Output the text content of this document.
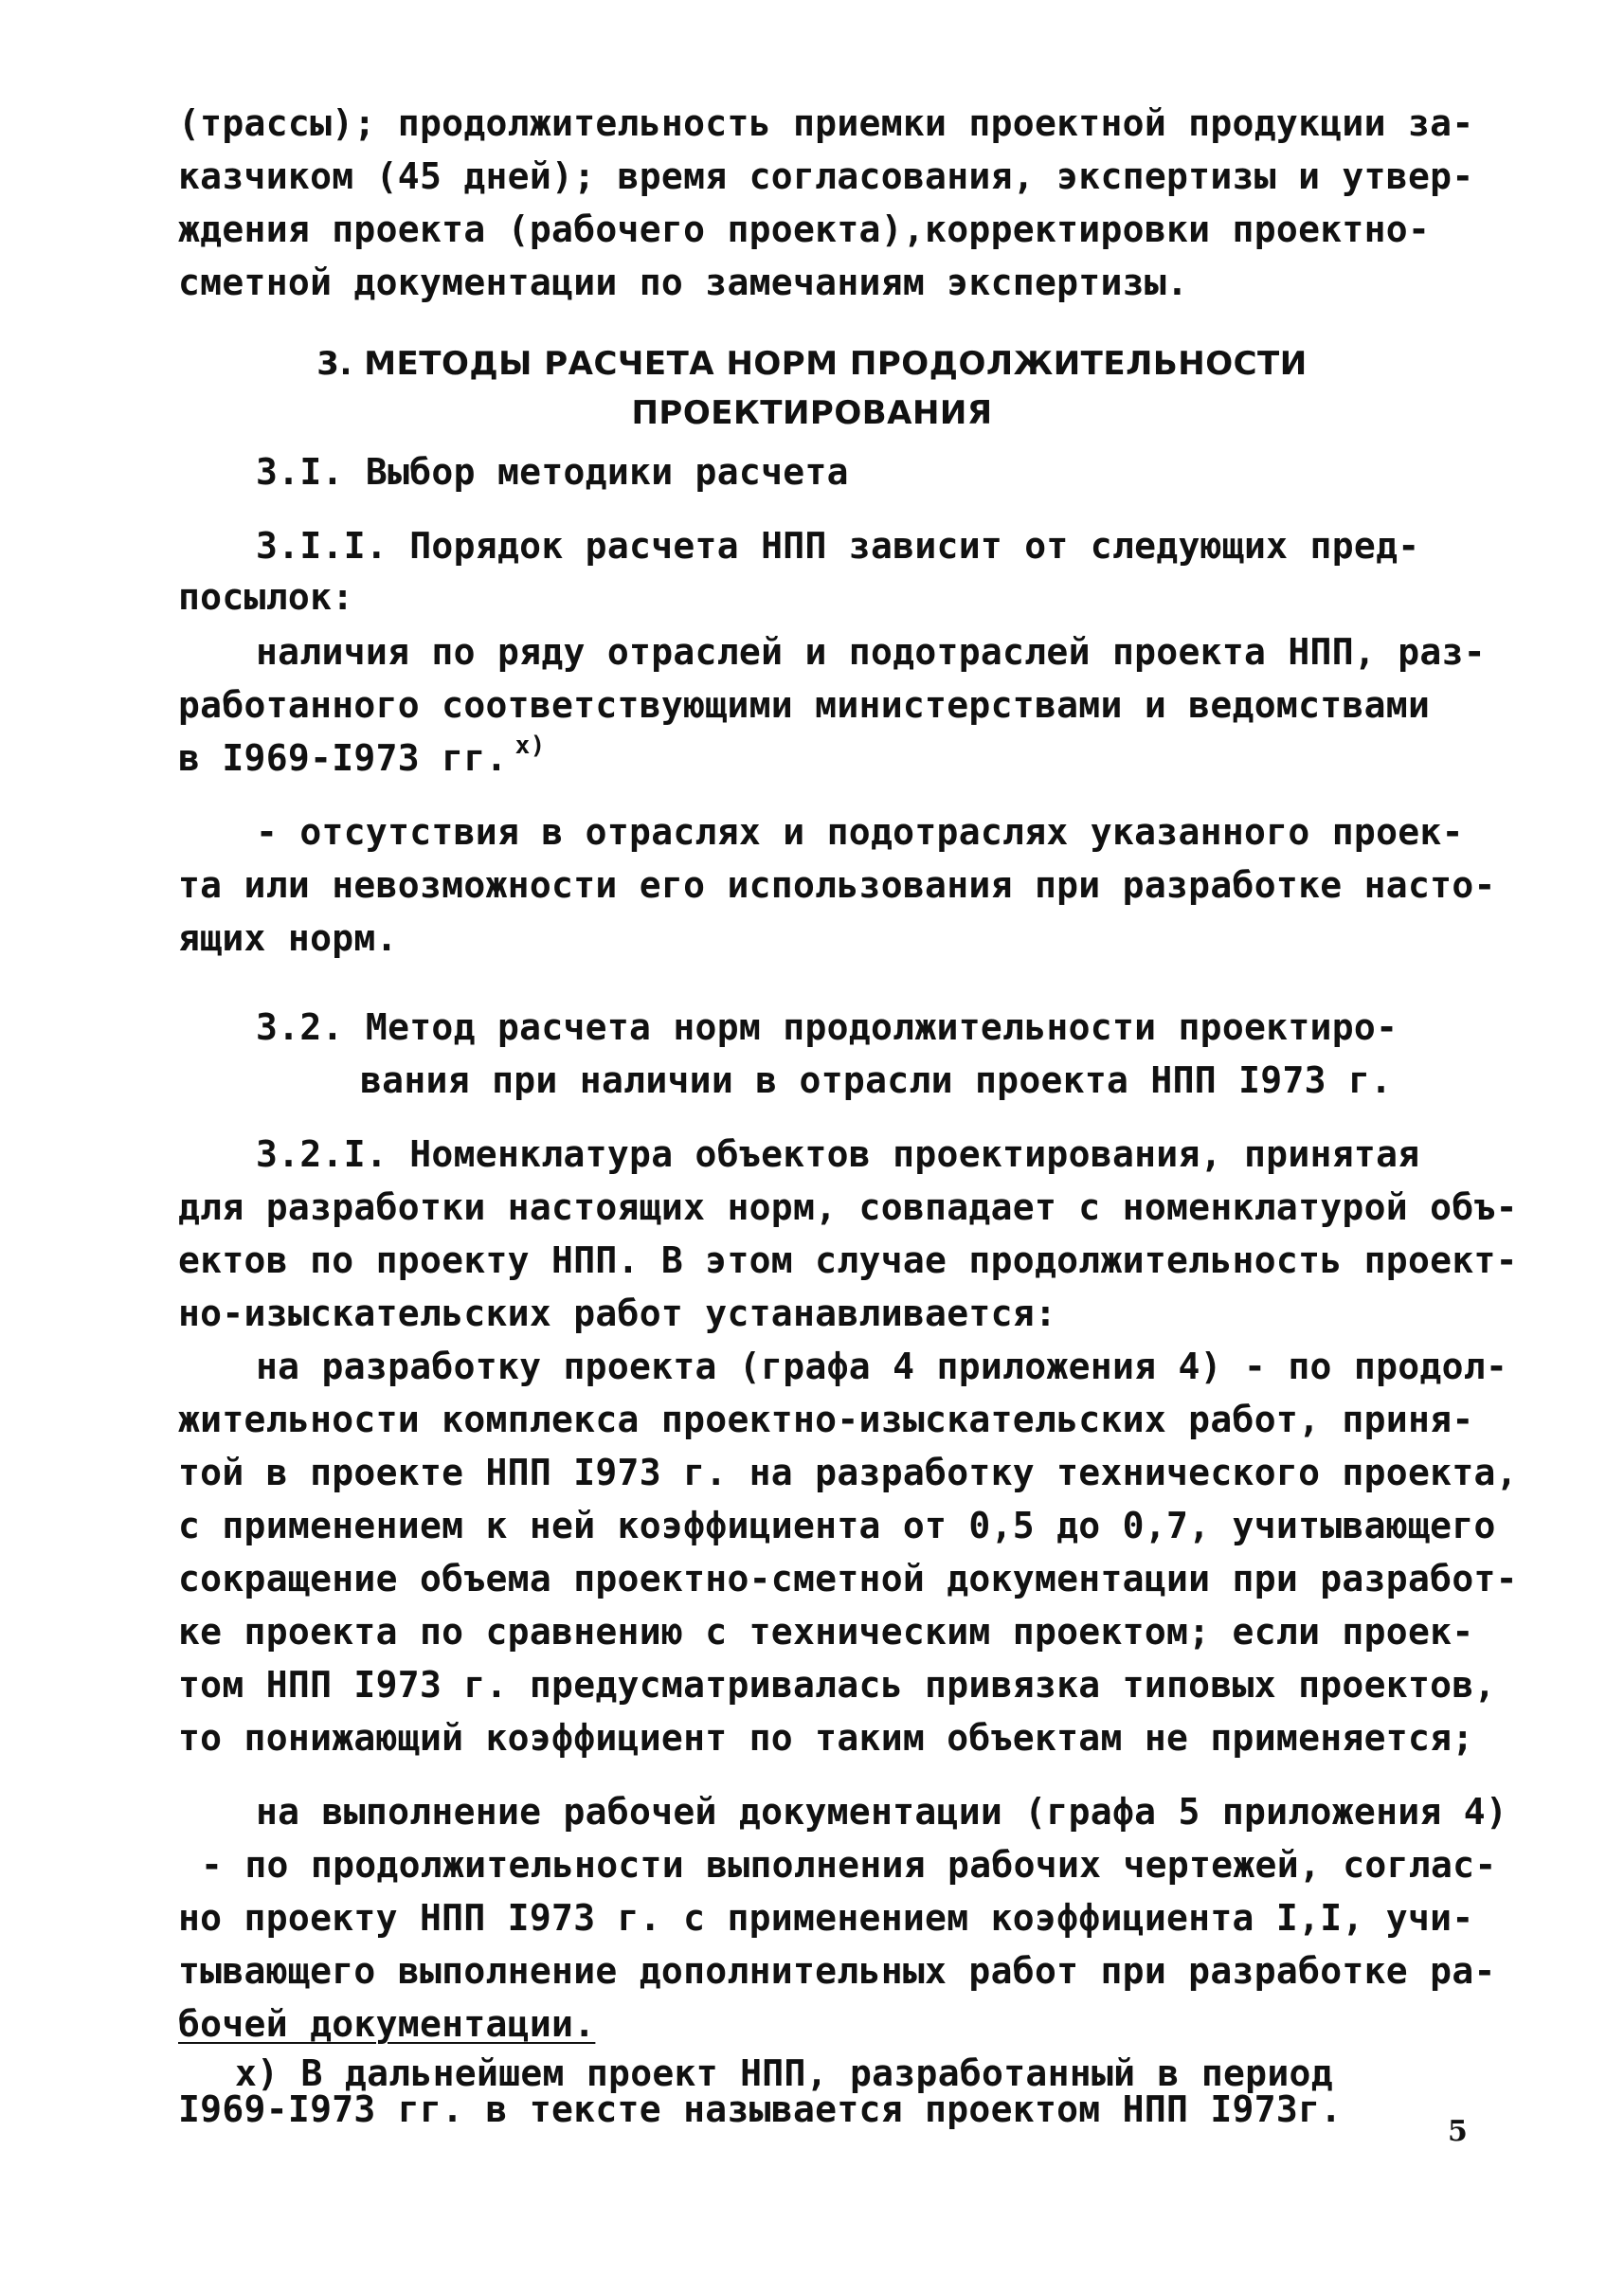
(трассы); продолжительность приемки проектной продукции за-
казчиком (45 дней); время согласования, экспертизы и утвер-
ждения проекта (рабочего проекта),корректировки проектно-
сметной документации по замечаниям экспертизы.
3. МЕТОДЫ РАСЧЕТА НОРМ ПРОДОЛЖИТЕЛЬНОСТИ
ПРОЕКТИРОВАНИЯ
3.I. Выбор методики расчета
3.I.I. Порядок расчета НПП зависит от следующих пред-
посылок:
наличия по ряду отраслей и подотраслей проекта НПП, раз-
работанного соответствующими министерствами и ведомствами
в I969-I973 гг. $^{x)}$
- отсутствия в отраслях и подотраслях указанного проек-
та или невозможности его использования при разработке насто-
ящих норм.
3.2. Метод расчета норм продолжительности проектиро-
вания при наличии в отрасли проекта НПП I973 г.
3.2.I. Номенклатура объектов проектирования, принятая
для разработки настоящих норм, совпадает с номенклатурой объ-
ектов по проекту НПП. В этом случае продолжительность проект-
но-изыскательских работ устанавливается:
на разработку проекта (графа 4 приложения 4) - по продол-
жительности комплекса проектно-изыскательских работ, приня-
той в проекте НПП I973 г. на разработку технического проекта,
с применением к ней коэффициента от 0,5 до 0,7, учитывающего
сокращение объема проектно-сметной документации при разработ-
ке проекта по сравнению с техническим проектом; если проек-
том НПП I973 г. предусматривалась привязка типовых проектов,
то понижающий коэффициент по таким объектам не применяется;
на выполнение рабочей документации (графа 5 приложения 4)
- по продолжительности выполнения рабочих чертежей, соглас-
но проекту НПП I973 г. с применением коэффициента I,I, учи-
тывающего выполнение дополнительных работ при разработке ра-
бочей документации.
x) В дальнейшем проект НПП, разработанный в период
I969-I973 гг. в тексте называется проектом НПП I973г.
5
